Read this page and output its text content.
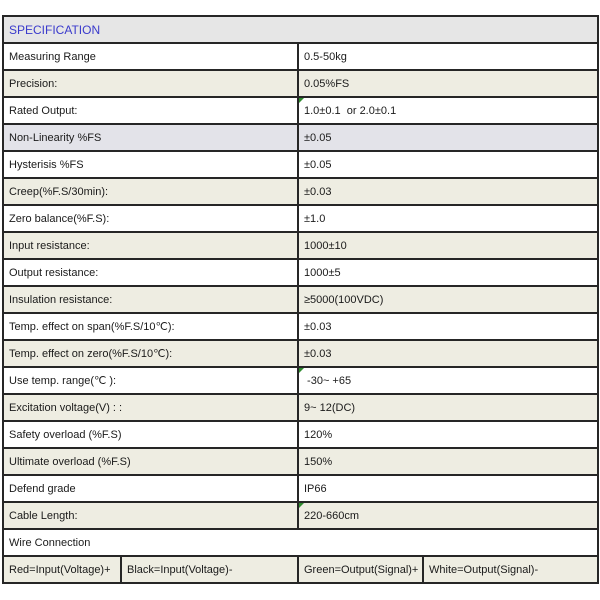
SPECIFICATION			
Measuring Range		0.5-50kg	
Precision:		0.05%FS	
Rated Output:		1.0±0.1  or 2.0±0.1	

Non-Linearity %FS		±0.05	
Hysterisis %FS		±0.05	
Creep(%F.S/30min):		±0.03	
Zero balance(%F.S):		±1.0	
Input resistance:		1000±10	
Output resistance:		1000±5	
Insulation resistance:		≥5000(100VDC)	
Temp. effect on span(%F.S/10℃):		±0.03	
Temp. effect on zero(%F.S/10℃):		±0.03	
Use temp. range(℃ ):		-30~ +65	

Excitation voltage(V) : :		9~ 12(DC)	
Safety overload (%F.S)		120%	
Ultimate overload (%F.S)		150%	
Defend grade		IP66	
Cable Length:		220-660cm	

Wire Connection			
Red=Input(Voltage)+	Black=Input(Voltage)-	Green=Output(Signal)+	White=Output(Signal)-
